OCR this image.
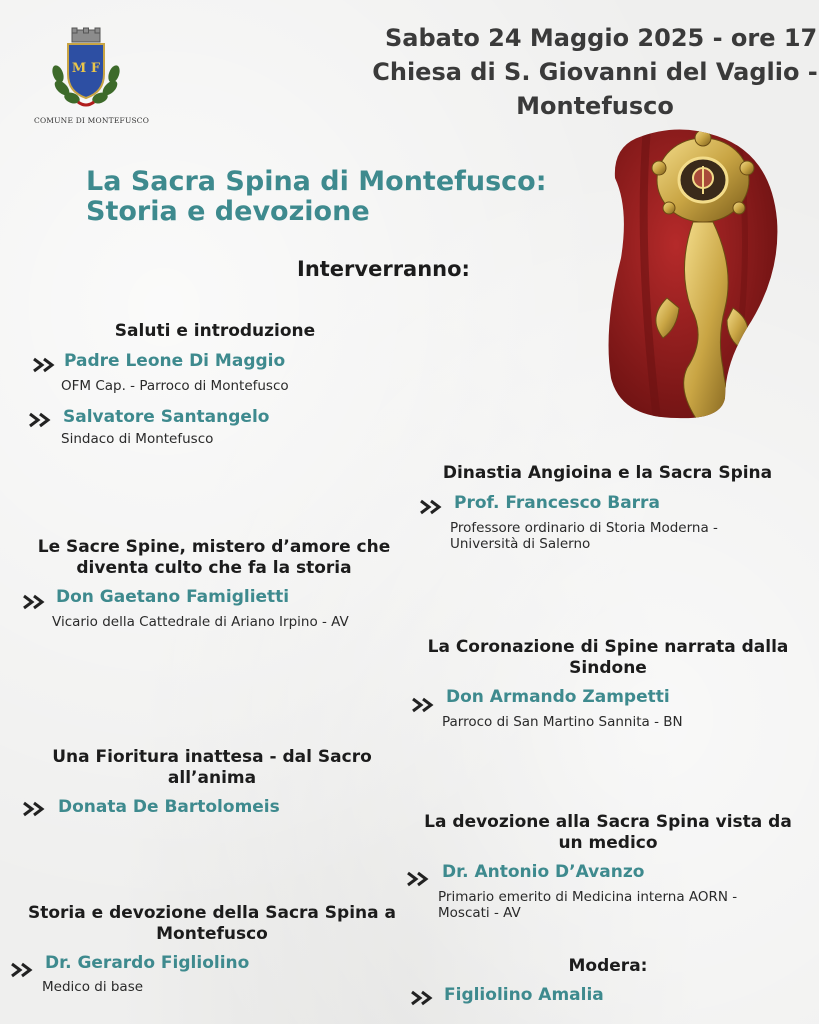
M F
COMUNE DI MONTEFUSCO
Sabato 24 Maggio 2025 - ore 17
Chiesa di S. Giovanni del Vaglio -
Montefusco
La Sacra Spina di Montefusco:
Storia e devozione
Interverranno:
Saluti e introduzione
Padre Leone Di Maggio
OFM Cap. - Parroco di Montefusco
Salvatore Santangelo
Sindaco di Montefusco
Le Sacre Spine, mistero d’amore che
diventa culto che fa la storia
Don Gaetano Famiglietti
Vicario della Cattedrale di Ariano Irpino - AV
Una Fioritura inattesa - dal Sacro
all’anima
Donata De Bartolomeis
Storia e devozione della Sacra Spina a
Montefusco
Dr. Gerardo Figliolino
Medico di base
Dinastia Angioina e la Sacra Spina
Prof. Francesco Barra
Professore ordinario di Storia Moderna -
Università di Salerno
La Coronazione di Spine narrata dalla
Sindone
Don Armando Zampetti
Parroco di San Martino Sannita - BN
La devozione alla Sacra Spina vista da
un medico
Dr. Antonio D’Avanzo
Primario emerito di Medicina interna AORN -
Moscati - AV
Modera:
Figliolino Amalia
